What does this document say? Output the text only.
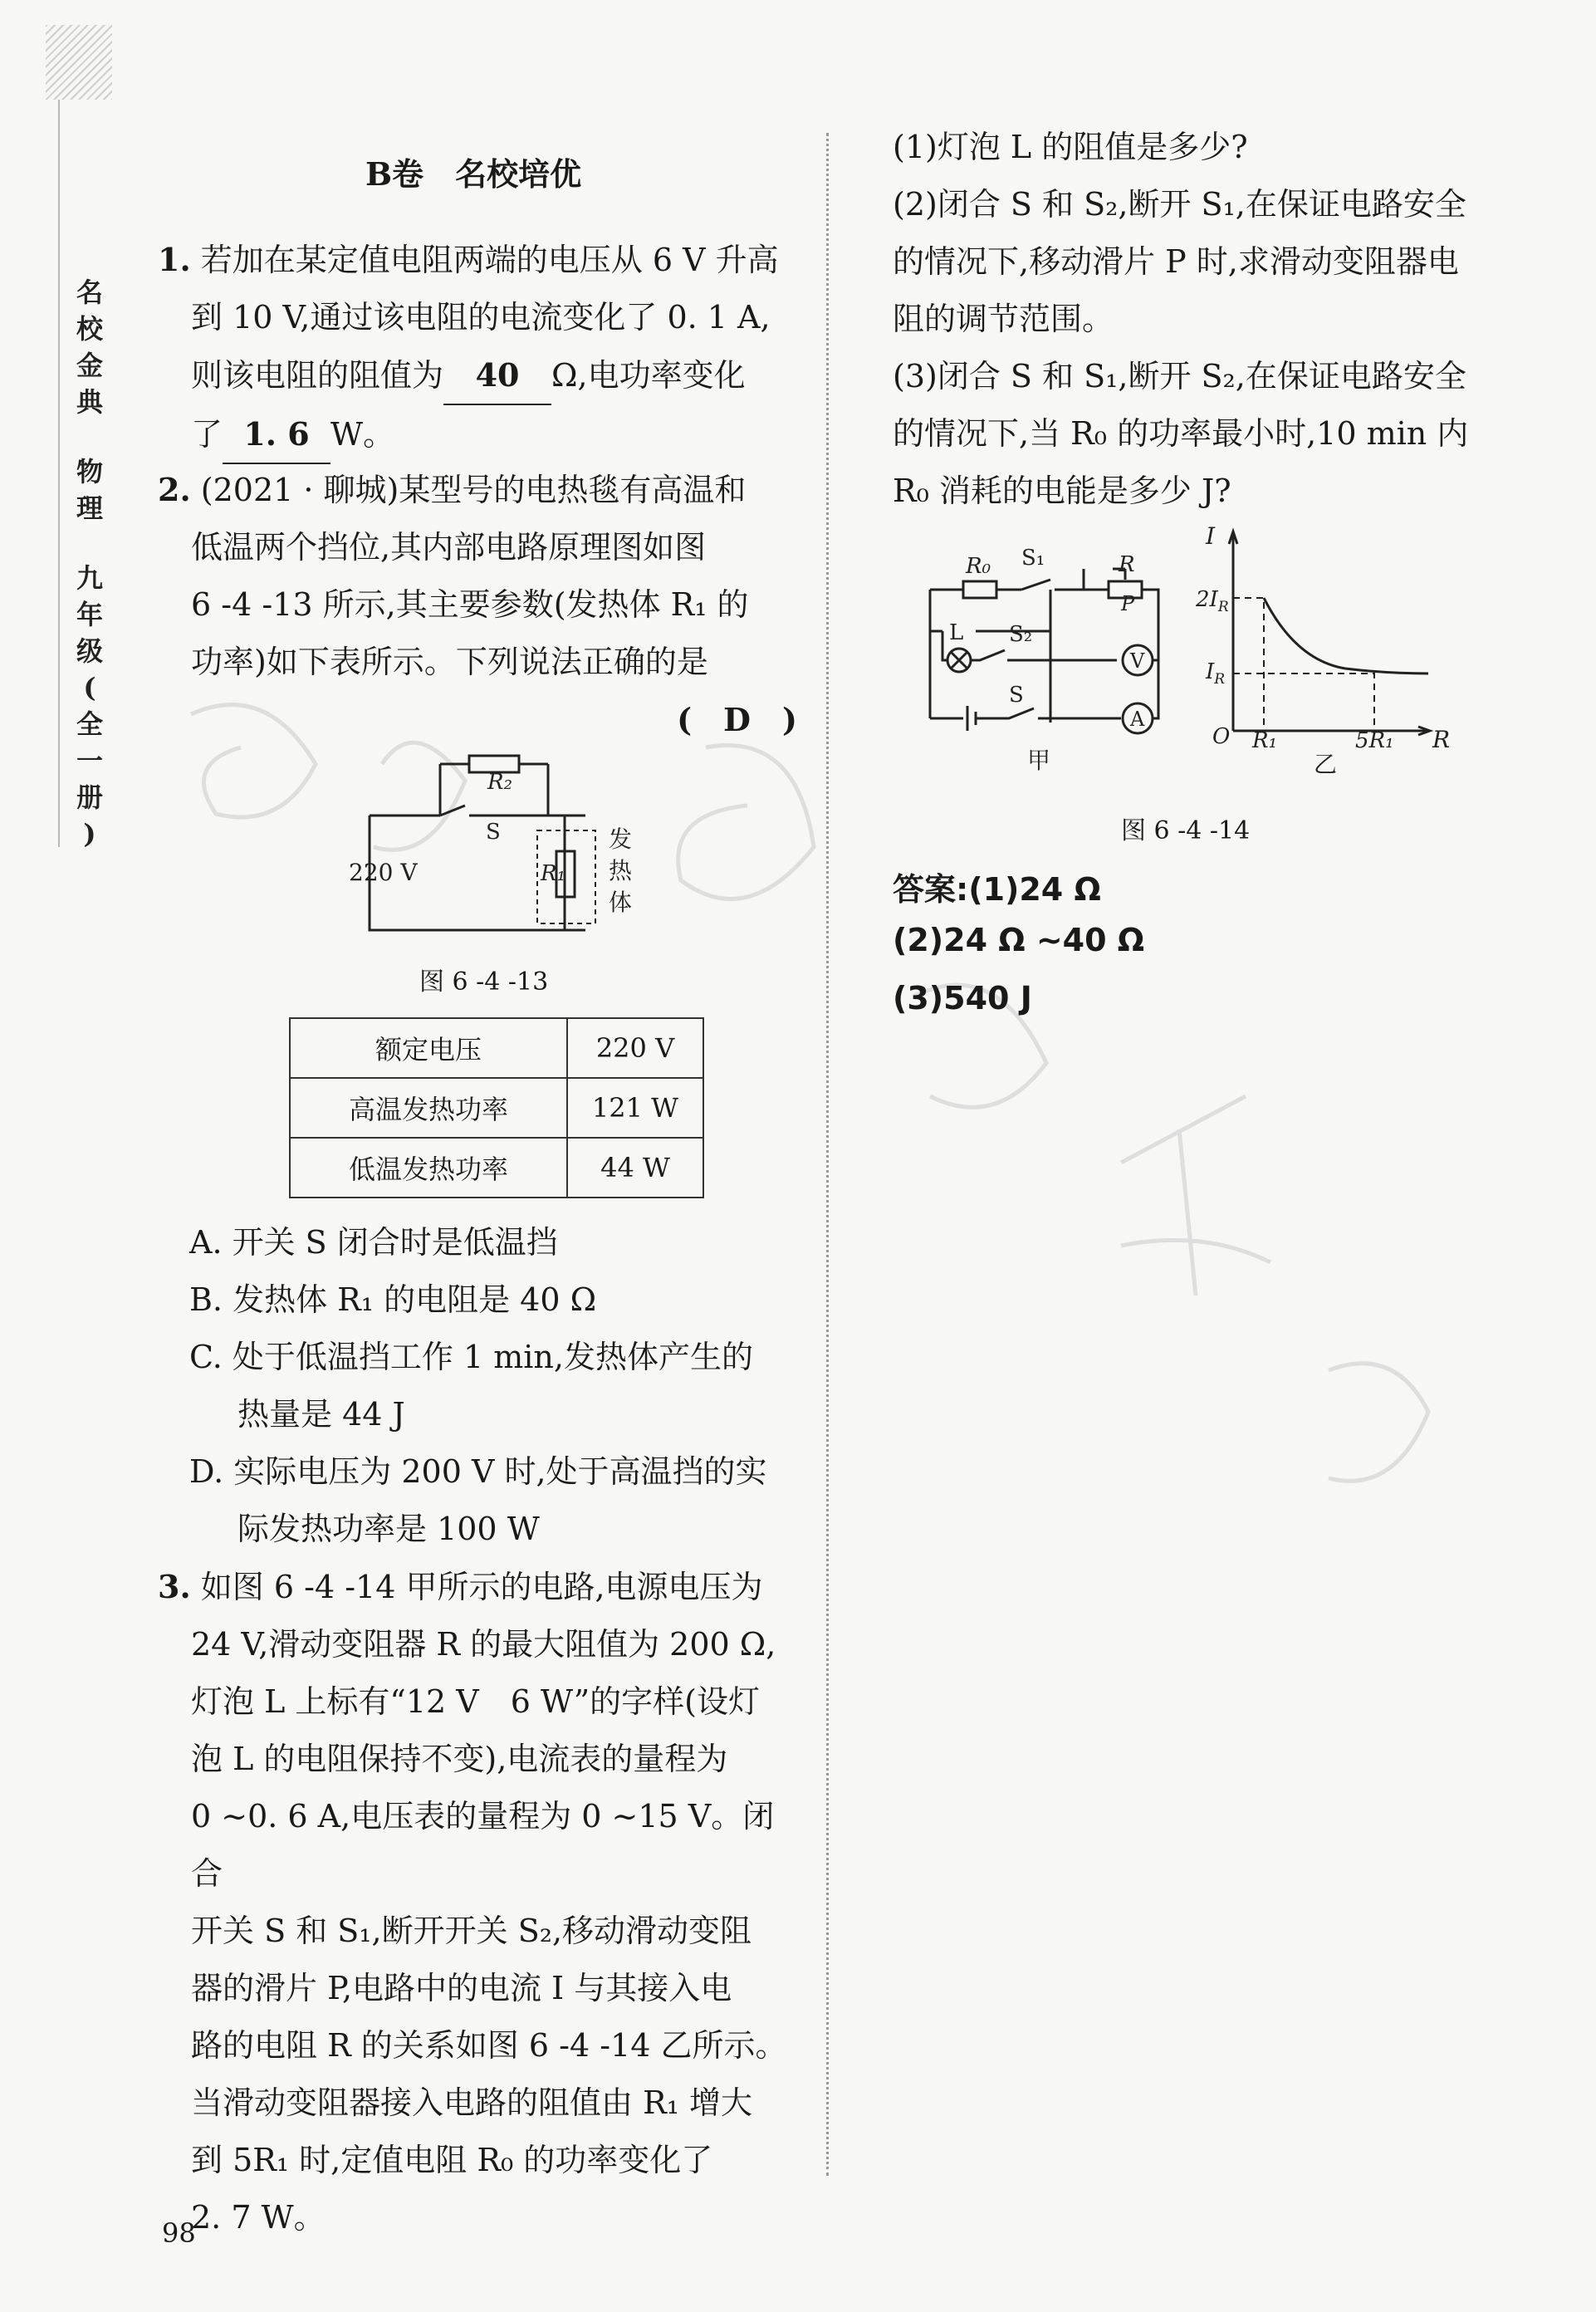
名
校
金
典
物
理
九
年
级
(
全
一
册
)
B卷　名校培优
1. 若加在某定值电阻两端的电压从 6 V 升高
到 10 V,通过该电阻的电流变化了 0. 1 A,
则该电阻的阻值为 40 Ω,电功率变化
了 1. 6 W。
2. (2021 · 聊城)某型号的电热毯有高温和
低温两个挡位,其内部电路原理图如图
6 -4 -13 所示,其主要参数(发热体 R₁ 的
功率)如下表所示。下列说法正确的是
(　D　)
R₂
S
220 V	R₁
发
热
体
图 6 -4 -13
额定电压	220 V
高温发热功率	121 W
低温发热功率	44 W
A. 开关 S 闭合时是低温挡
B. 发热体 R₁ 的电阻是 40 Ω
C. 处于低温挡工作 1 min,发热体产生的
热量是 44 J
D. 实际电压为 200 V 时,处于高温挡的实
际发热功率是 100 W
3. 如图 6 -4 -14 甲所示的电路,电源电压为
24 V,滑动变阻器 R 的最大阻值为 200 Ω,
灯泡 L 上标有“12 V　6 W”的字样(设灯
泡 L 的电阻保持不变),电流表的量程为
0 ~0. 6 A,电压表的量程为 0 ~15 V。闭合
开关 S 和 S₁,断开开关 S₂,移动滑动变阻
器的滑片 P,电路中的电流 I 与其接入电
路的电阻 R 的关系如图 6 -4 -14 乙所示。
当滑动变阻器接入电路的阻值由 R₁ 增大
到 5R₁ 时,定值电阻 R₀ 的功率变化了
2. 7 W。
98
(1)灯泡 L 的阻值是多少?
(2)闭合 S 和 S₂,断开 S₁,在保证电路安全
的情况下,移动滑片 P 时,求滑动变阻器电
阻的调节范围。
(3)闭合 S 和 S₁,断开 S₂,在保证电路安全
的情况下,当 R₀ 的功率最小时,10 min 内
R₀ 消耗的电能是多少 J?
R₀ S₁	R
P
L S₂
V
S
A
甲
I
$2I_R$
$I_R$
O R₁	5R₁ R
乙
图 6 -4 -14
答案:(1)24 Ω
(2)24 Ω ~40 Ω
(3)540 J
